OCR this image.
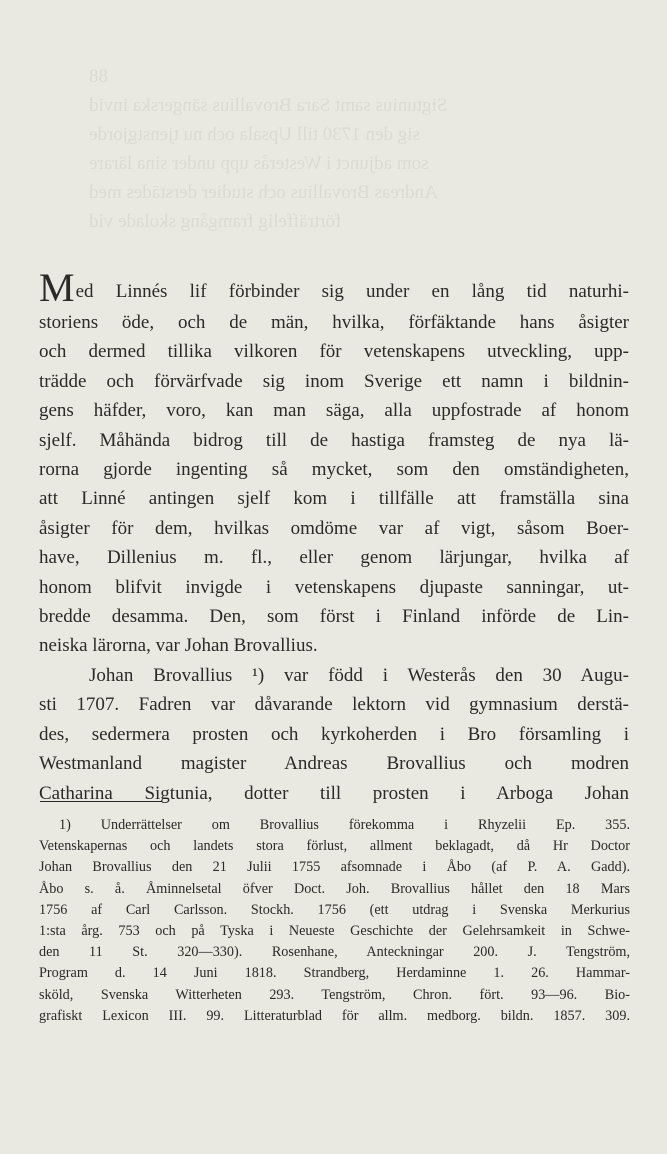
88
Sigtunius samt Sara Brovallius sängerska invid
sig den 1730 till Upsala och nu tjenstgjorde
som adjunct i Westerås upp under sina lärare
Andreas Brovallius och studier derstädes med
förträffelig framgång skolade vid
Med Linnés lif förbinder sig under en lång tid naturhi-
storiens öde, och de män, hvilka, förfäktande hans åsigter
och dermed tillika vilkoren för vetenskapens utveckling, upp-
trädde och förvärfvade sig inom Sverige ett namn i bildnin-
gens häfder, voro, kan man säga, alla uppfostrade af honom
sjelf. Måhända bidrog till de hastiga framsteg de nya lä-
rorna gjorde ingenting så mycket, som den omständigheten,
att Linné antingen sjelf kom i tillfälle att framställa sina
åsigter för dem, hvilkas omdöme var af vigt, såsom Boer-
have, Dillenius m. fl., eller genom lärjungar, hvilka af
honom blifvit invigde i vetenskapens djupaste sanningar, ut-
bredde desamma. Den, som först i Finland införde de Lin-
neiska lärorna, var Johan Brovallius.
Johan Brovallius ¹) var född i Westerås den 30 Augu-
sti 1707. Fadren var dåvarande lektorn vid gymnasium derstä-
des, sedermera prosten och kyrkoherden i Bro församling i
Westmanland magister Andreas Brovallius och modren
Catharina Sigtunia, dotter till prosten i Arboga Johan
1) Underrättelser om Brovallius förekomma i Rhyzelii Ep. 355.
Vetenskapernas och landets stora förlust, allment beklagadt, då Hr Doctor
Johan Brovallius den 21 Julii 1755 afsomnade i Åbo (af P. A. Gadd).
Åbo s. å. Åminnelsetal öfver Doct. Joh. Brovallius hållet den 18 Mars
1756 af Carl Carlsson. Stockh. 1756 (ett utdrag i Svenska Merkurius
1:sta årg. 753 och på Tyska i Neueste Geschichte der Gelehrsamkeit in Schwe-
den 11 St. 320—330). Rosenhane, Anteckningar 200. J. Tengström,
Program d. 14 Juni 1818. Strandberg, Herdaminne 1. 26. Hammar-
sköld, Svenska Witterheten 293. Tengström, Chron. fört. 93—96. Bio-
grafiskt Lexicon III. 99. Litteraturblad för allm. medborg. bildn. 1857. 309.
